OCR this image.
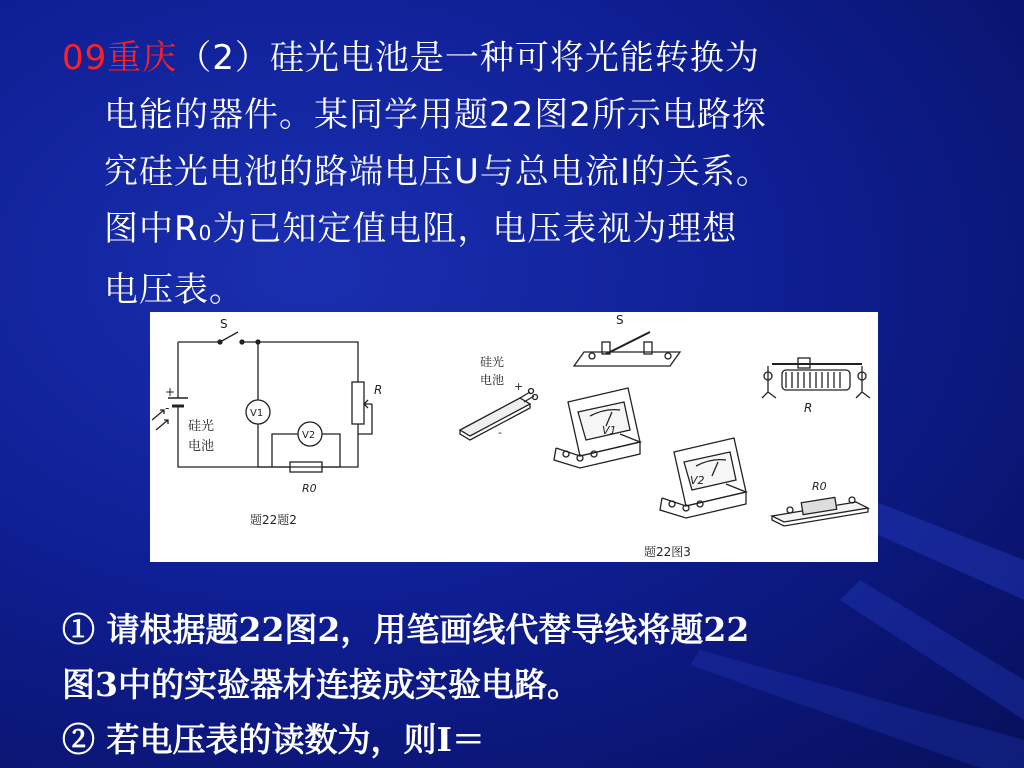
09重庆（2）硅光电池是一种可将光能转换为
电能的器件。某同学用题22图2所示电路探
究硅光电池的路端电压U与总电流I的关系。
图中R0为已知定值电阻，电压表视为理想
电压表。
S
+
-
硅光
电池
V1
V2
R
R0
题22题2
S
硅光
电池 +
-	V1
V2
R
R0
题22图3
① 请根据题22图2，用笔画线代替导线将题22
图3中的实验器材连接成实验电路。
② 若电压表的读数为，则I＝
